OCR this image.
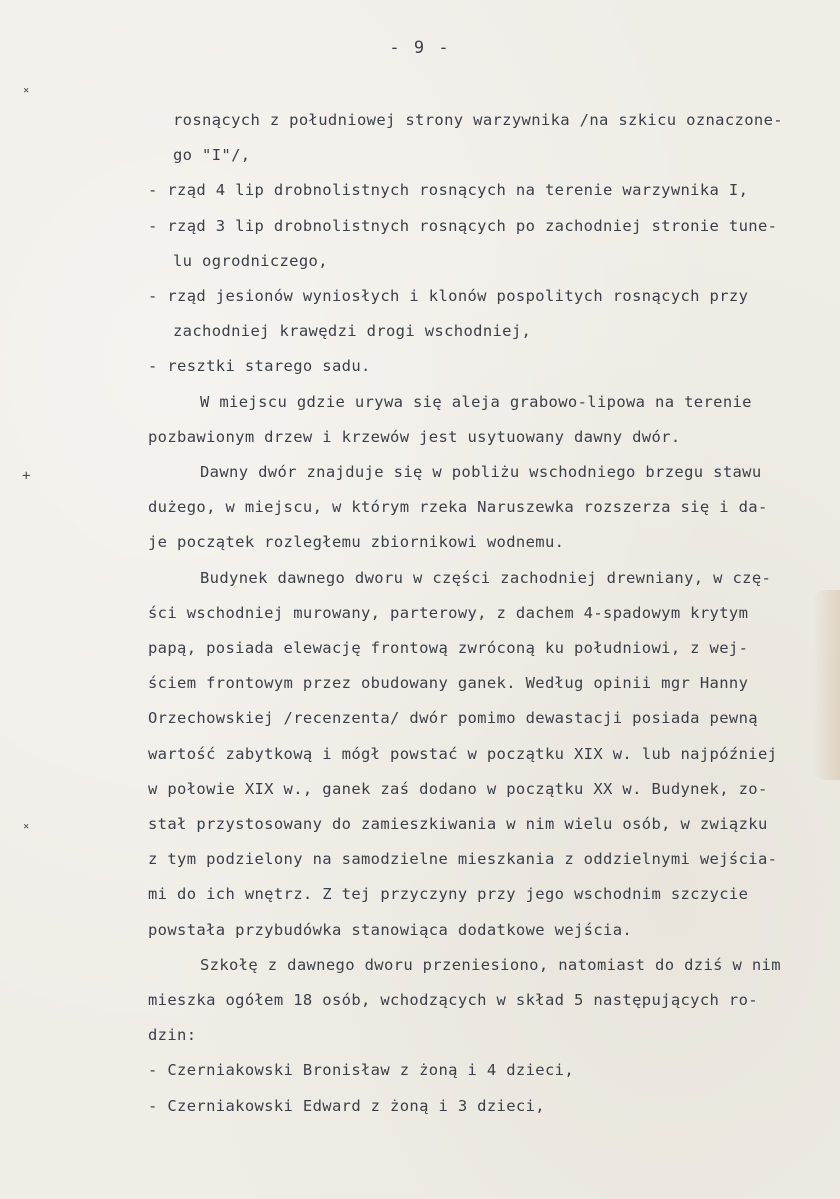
˟
+
˟
- 9 -
rosnących z południowej strony warzywnika /na szkicu oznaczone-
go "I"/,
- rząd 4 lip drobnolistnych rosnących na terenie warzywnika I,
- rząd 3 lip drobnolistnych rosnących po zachodniej stronie tune-
lu ogrodniczego,
- rząd jesionów wyniosłych i klonów pospolitych rosnących przy
zachodniej krawędzi drogi wschodniej,
- resztki starego sadu.
W miejscu gdzie urywa się aleja grabowo-lipowa na terenie
pozbawionym drzew i krzewów jest usytuowany dawny dwór.
Dawny dwór znajduje się w pobliżu wschodniego brzegu stawu
dużego, w miejscu, w którym rzeka Naruszewka rozszerza się i da-
je początek rozległemu zbiornikowi wodnemu.
Budynek dawnego dworu w części zachodniej drewniany, w czę-
ści wschodniej murowany, parterowy, z dachem 4-spadowym krytym
papą, posiada elewację frontową zwróconą ku południowi, z wej-
ściem frontowym przez obudowany ganek. Według opinii mgr Hanny
Orzechowskiej /recenzenta/ dwór pomimo dewastacji posiada pewną
wartość zabytkową i mógł powstać w początku XIX w. lub najpóźniej
w połowie XIX w., ganek zaś dodano w początku XX w. Budynek, zo-
stał przystosowany do zamieszkiwania w nim wielu osób, w związku
z tym podzielony na samodzielne mieszkania z oddzielnymi wejścia-
mi do ich wnętrz. Z tej przyczyny przy jego wschodnim szczycie
powstała przybudówka stanowiąca dodatkowe wejścia.
Szkołę z dawnego dworu przeniesiono, natomiast do dziś w nim
mieszka ogółem 18 osób, wchodzących w skład 5 następujących ro-
dzin:
- Czerniakowski Bronisław z żoną i 4 dzieci,
- Czerniakowski Edward z żoną i 3 dzieci,
